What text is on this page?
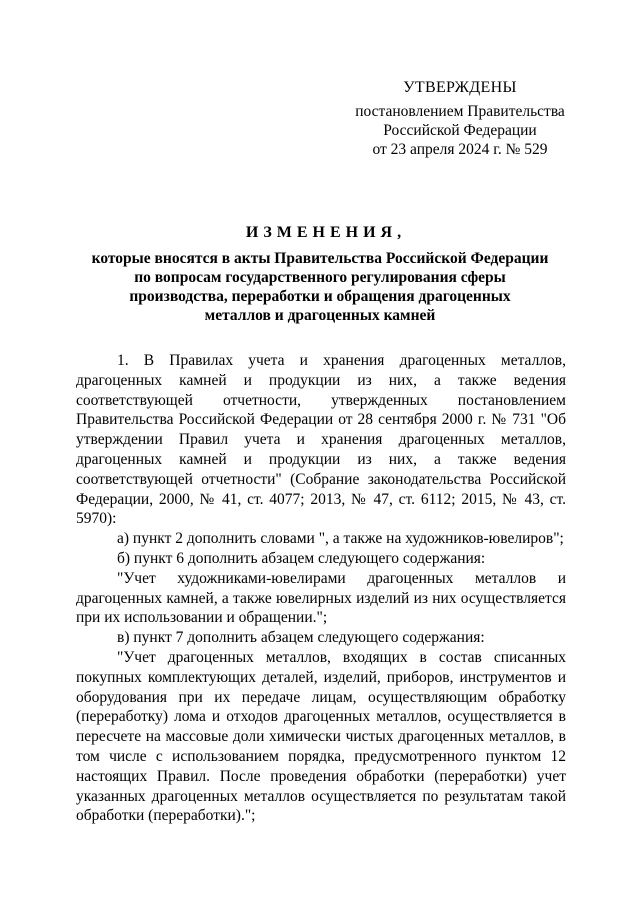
УТВЕРЖДЕНЫ
постановлением Правительства
Российской Федерации
от 23 апреля 2024 г. № 529
ИЗМЕНЕНИЯ,
которые вносятся в акты Правительства Российской Федерации
по вопросам государственного регулирования сферы
производства, переработки и обращения драгоценных
металлов и драгоценных камней

1. В Правилах учета и хранения драгоценных металлов, драгоценных камней и продукции из них, а также ведения соответствующей отчетности, утвержденных постановлением Правительства Российской Федерации от 28 сентября 2000 г. № 731 "Об утверждении Правил учета и хранения драгоценных металлов, драгоценных камней и продукции из них, а также ведения соответствующей отчетности" (Собрание законодательства Российской Федерации, 2000, № 41, ст. 4077; 2013, № 47, ст. 6112; 2015, № 43, ст. 5970):

а) пункт 2 дополнить словами ", а также на художников-ювелиров";

б) пункт 6 дополнить абзацем следующего содержания:

"Учет художниками-ювелирами драгоценных металлов и драгоценных камней, а также ювелирных изделий из них осуществляется при их использовании и обращении.";

в) пункт 7 дополнить абзацем следующего содержания:

"Учет драгоценных металлов, входящих в состав списанных покупных комплектующих деталей, изделий, приборов, инструментов и оборудования при их передаче лицам, осуществляющим обработку (переработку) лома и отходов драгоценных металлов, осуществляется в пересчете на массовые доли химически чистых драгоценных металлов, в том числе с использованием порядка, предусмотренного пунктом 12 настоящих Правил. После проведения обработки (переработки) учет указанных драгоценных металлов осуществляется по результатам такой обработки (переработки).";
